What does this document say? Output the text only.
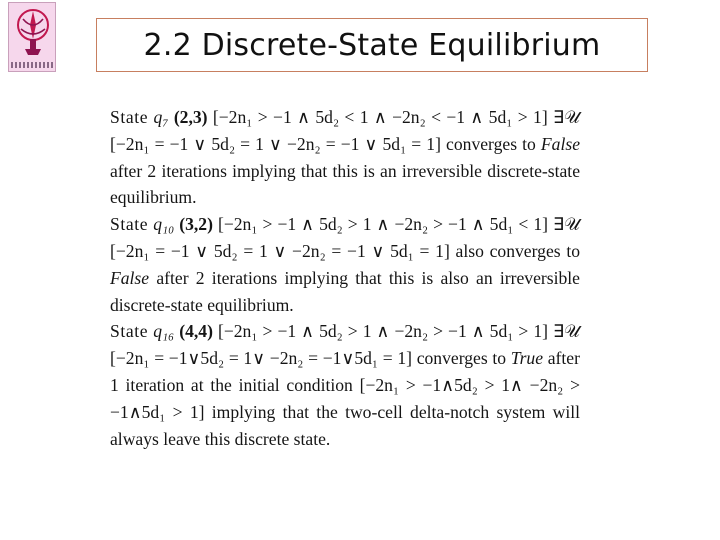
2.2 Discrete-State Equilibrium

State q₇ (2,3) [−2n₁ > −1 ∧ 5d₂ < 1 ∧ −2n₂ < −1 ∧ 5d₁ > 1] ∃𝒰 [−2n₁ = −1 ∨ 5d₂ = 1 ∨ −2n₂ = −1 ∨ 5d₁ = 1] converges to False after 2 iterations implying that this is an irreversible discrete-state equilibrium.

State q₁₀ (3,2) [−2n₁ > −1 ∧ 5d₂ > 1 ∧ −2n₂ > −1 ∧ 5d₁ < 1] ∃𝒰 [−2n₁ = −1 ∨ 5d₂ = 1 ∨ −2n₂ = −1 ∨ 5d₁ = 1] also converges to False after 2 iterations implying that this is also an irreversible discrete-state equilibrium.

State q₁₆ (4,4) [−2n₁ > −1 ∧ 5d₂ > 1 ∧ −2n₂ > −1 ∧ 5d₁ > 1] ∃𝒰 [−2n₁ = −1∨5d₂ = 1∨ −2n₂ = −1∨5d₁ = 1] converges to True after 1 iteration at the initial condition [−2n₁ > −1∧5d₂ > 1∧ −2n₂ > −1∧5d₁ > 1] implying that the two-cell delta-notch system will always leave this discrete state.
